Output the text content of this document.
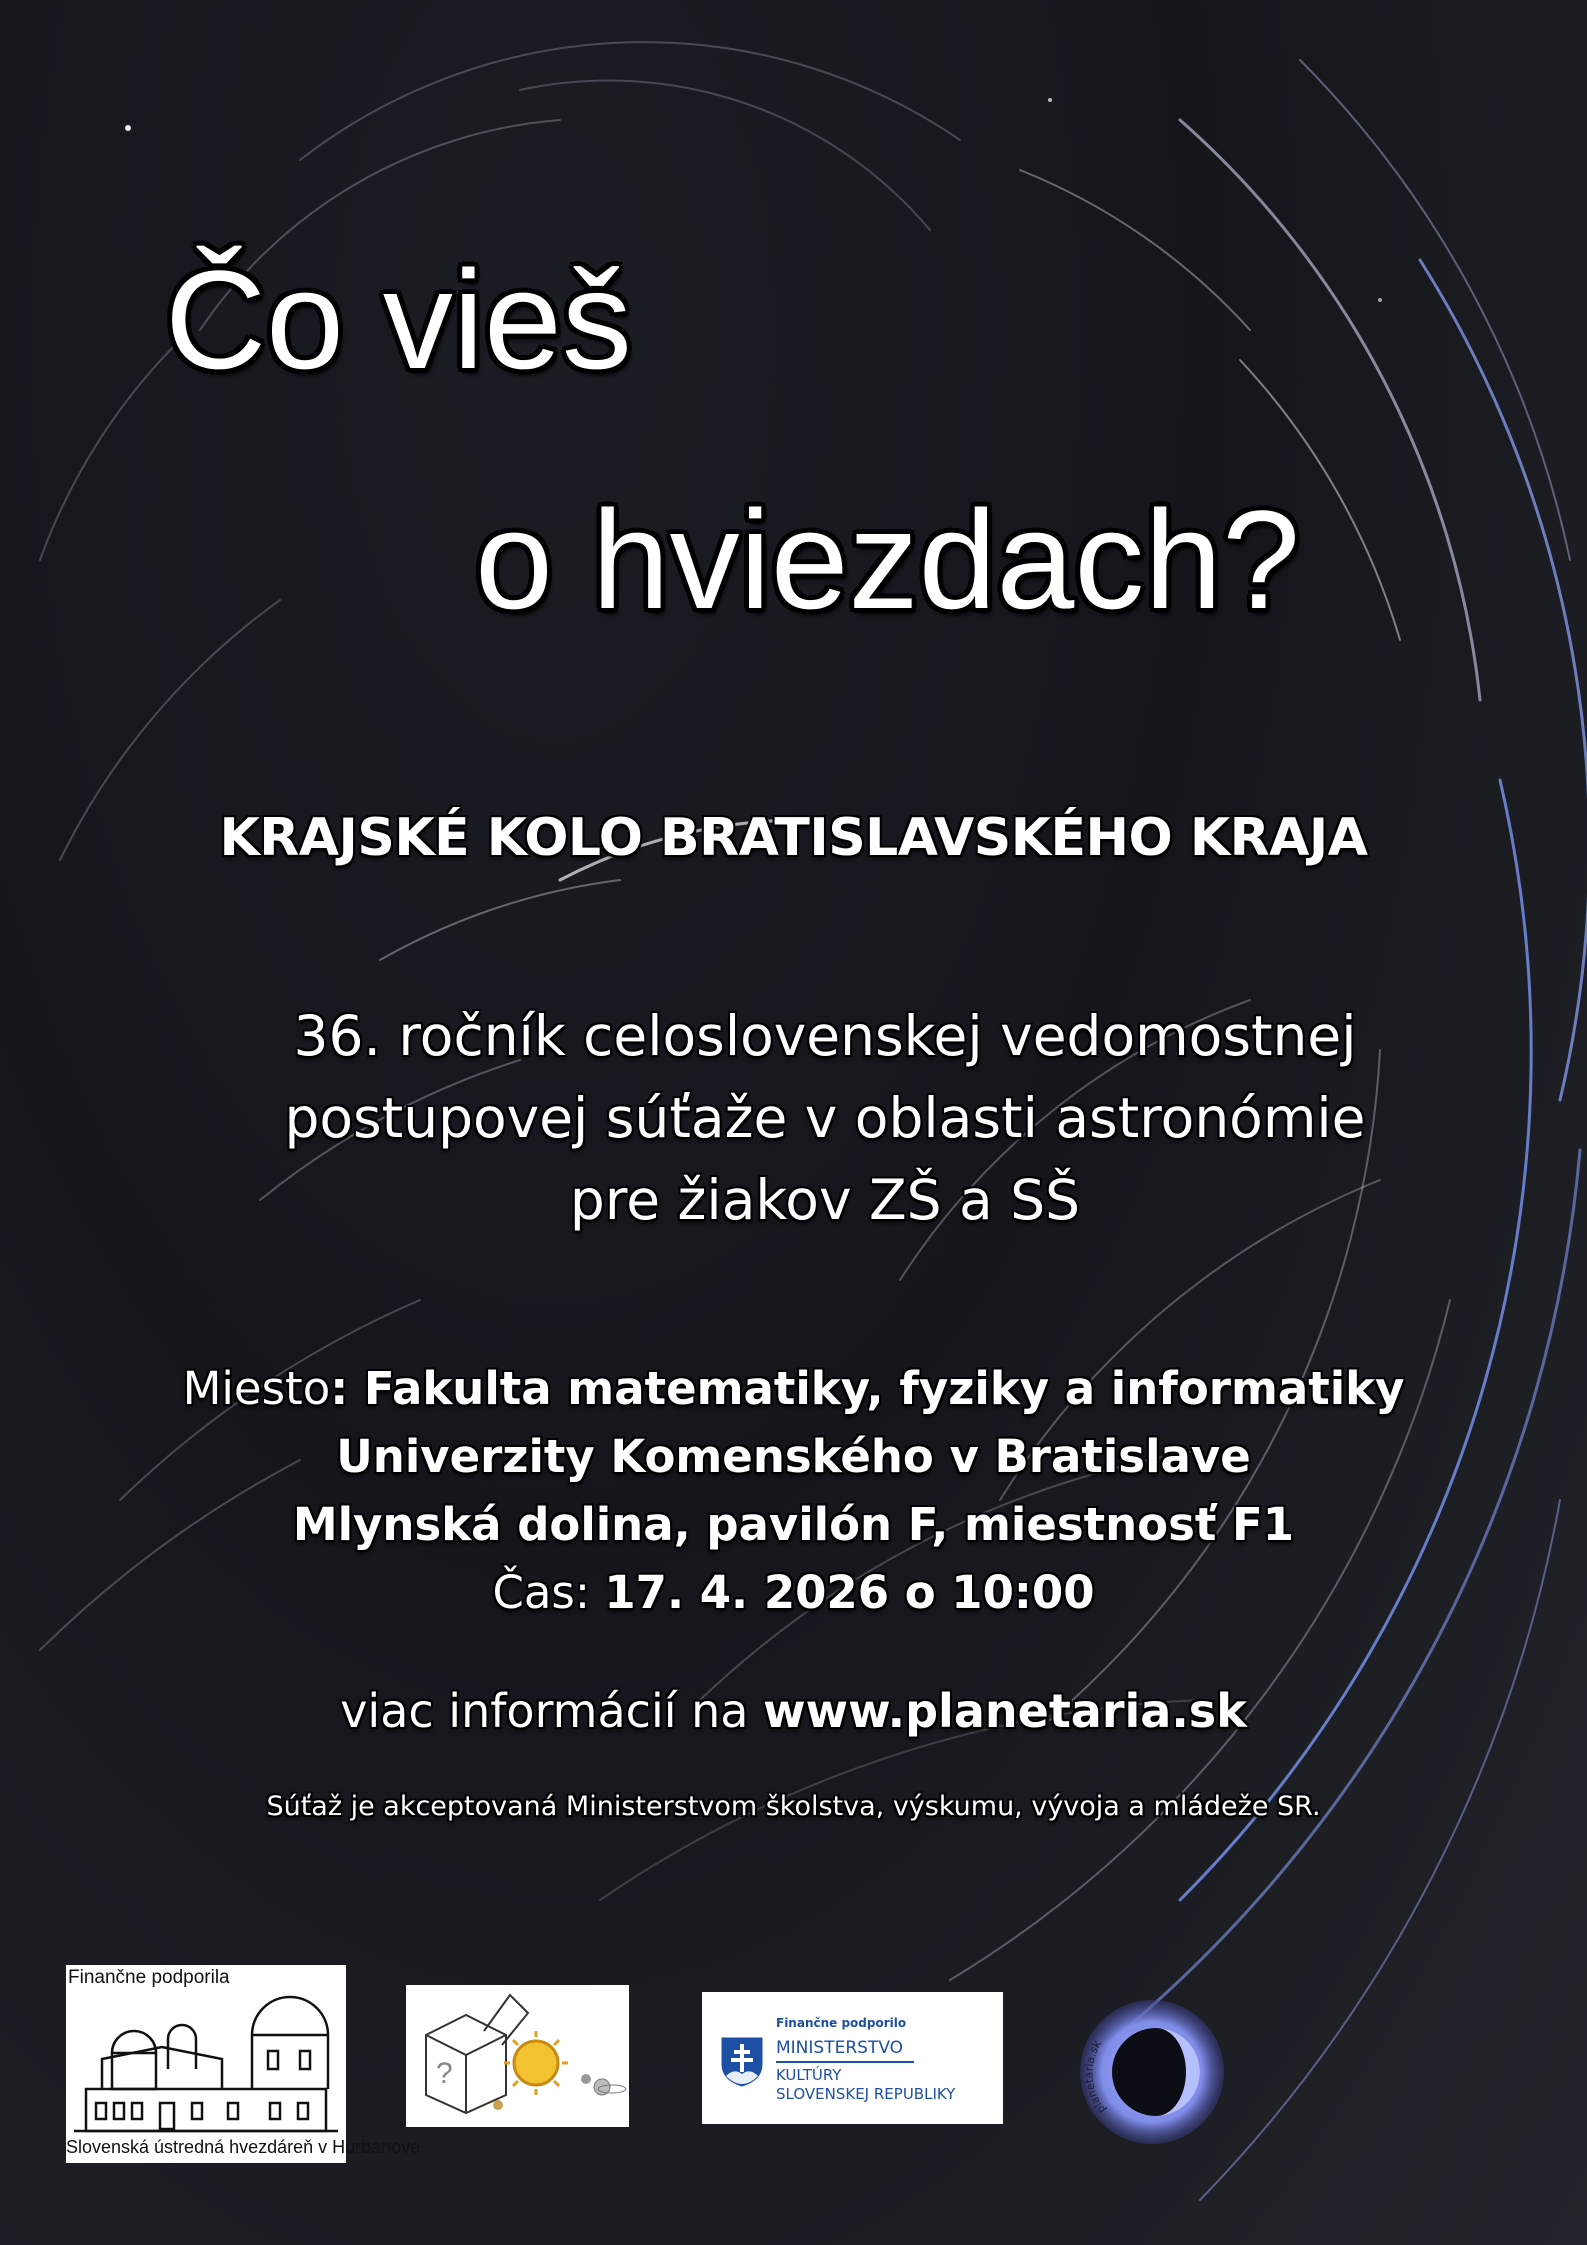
Čo vieš
o hviezdach?
KRAJSKÉ KOLO BRATISLAVSKÉHO KRAJA
36. ročník celoslovenskej vedomostnej
postupovej súťaže v oblasti astronómie
pre žiakov ZŠ a SŠ
Miesto: Fakulta matematiky, fyziky a informatiky
Univerzity Komenského v Bratislave
Mlynská dolina, pavilón F, miestnosť F1
Čas: 17. 4. 2026 o 10:00
viac informácií na www.planetaria.sk
Súťaž je akceptovaná Ministerstvom školstva, výskumu, vývoja a mládeže SR.
Finančne podporila
Slovenská ústredná hvezdáreň v Hurbanove
?
Finančne podporilo
MINISTERSTVO
KULTÚRY
SLOVENSKEJ REPUBLIKY
planetaria.sk
